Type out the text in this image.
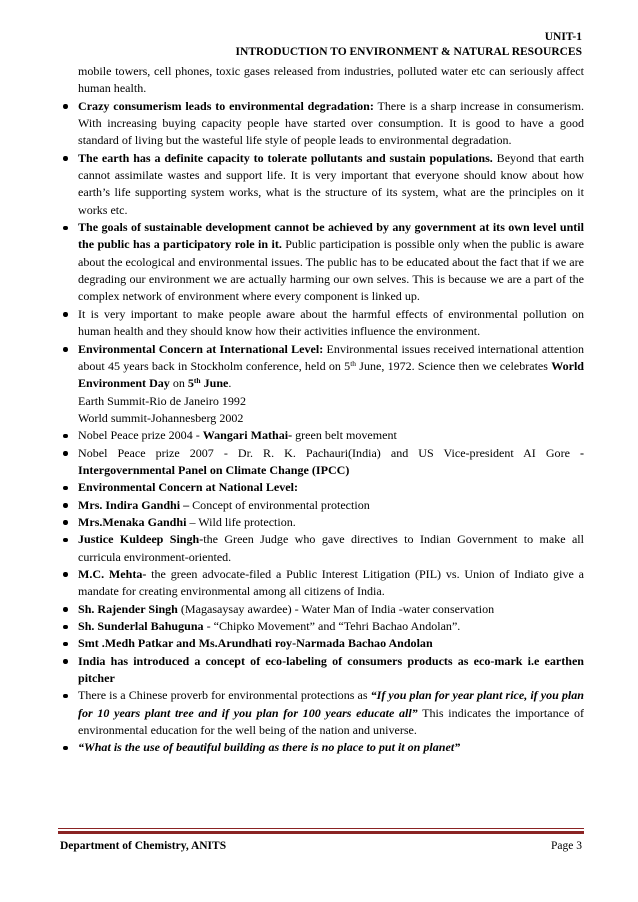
UNIT-1
INTRODUCTION TO ENVIRONMENT & NATURAL RESOURCES

mobile towers, cell phones, toxic gases released from industries, polluted water etc can seriously affect human health.

Crazy consumerism leads to environmental degradation: There is a sharp increase in consumerism. With increasing buying capacity people have started over consumption. It is good to have a good standard of living but the wasteful life style of people leads to environmental degradation.
The earth has a definite capacity to tolerate pollutants and sustain populations. Beyond that earth cannot assimilate wastes and support life. It is very important that everyone should know about how earth’s life supporting system works, what is the structure of its system, what are the principles on it works etc.
The goals of sustainable development cannot be achieved by any government at its own level until the public has a participatory role in it. Public participation is possible only when the public is aware about the ecological and environmental issues. The public has to be educated about the fact that if we are degrading our environment we are actually harming our own selves. This is because we are a part of the complex network of environment where every component is linked up.
It is very important to make people aware about the harmful effects of environmental pollution on human health and they should know how their activities influence the environment.
Environmental Concern at International Level: Environmental issues received international attention about 45 years back in Stockholm conference, held on 5th June, 1972. Science then we celebrates World Environment Day on 5th June.
Earth Summit-Rio de Janeiro 1992
World summit-Johannesberg 2002
Nobel Peace prize 2004 - Wangari Mathai- green belt movement
Nobel Peace prize 2007 - Dr. R. K. Pachauri(India) and US Vice-president AI Gore - Intergovernmental Panel on Climate Change (IPCC)
Environmental Concern at National Level:
Mrs. Indira Gandhi – Concept of environmental protection
Mrs.Menaka Gandhi – Wild life protection.
Justice Kuldeep Singh-the Green Judge who gave directives to Indian Government to make all curricula environment-oriented.
M.C. Mehta- the green advocate-filed a Public Interest Litigation (PIL) vs. Union of Indiato give a mandate for creating environmental among all citizens of India.
Sh. Rajender Singh (Magasaysay awardee) - Water Man of India -water conservation
Sh. Sunderlal Bahuguna - “Chipko Movement” and “Tehri Bachao Andolan”.
Smt .Medh Patkar and Ms.Arundhati roy-Narmada Bachao Andolan
India has introduced a concept of eco-labeling of consumers products as eco-mark i.e earthen pitcher
There is a Chinese proverb for environmental protections as “If you plan for year plant rice, if you plan for 10 years plant tree and if you plan for 100 years educate all” This indicates the importance of environmental education for the well being of the nation and universe.
“What is the use of beautiful building as there is no place to put it on planet”
Department of Chemistry, ANITS	Page 3
